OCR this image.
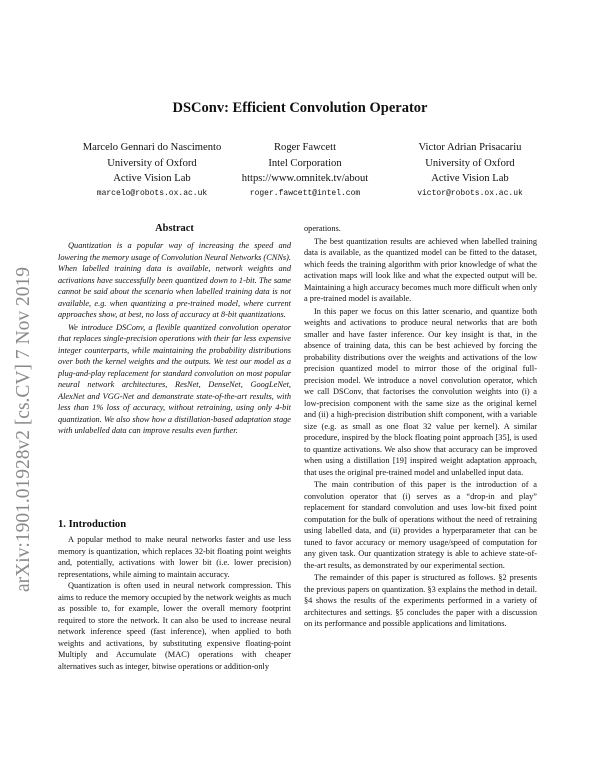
arXiv:1901.01928v2 [cs.CV] 7 Nov 2019
DSConv: Efficient Convolution Operator
Marcelo Gennari do Nascimento
University of Oxford
Active Vision Lab
marcelo@robots.ox.ac.uk
Roger Fawcett
Intel Corporation
https://www.omnitek.tv/about
roger.fawcett@intel.com
Victor Adrian Prisacariu
University of Oxford
Active Vision Lab
victor@robots.ox.ac.uk
Abstract

Quantization is a popular way of increasing the speed and lowering the memory usage of Convolution Neural Networks (CNNs). When labelled training data is available, network weights and activations have successfully been quantized down to 1-bit. The same cannot be said about the scenario when labelled training data is not available, e.g. when quantizing a pre-trained model, where current approaches show, at best, no loss of accuracy at 8-bit quantizations.

We introduce DSConv, a flexible quantized convolution operator that replaces single-precision operations with their far less expensive integer counterparts, while maintaining the probability distributions over both the kernel weights and the outputs. We test our model as a plug-and-play replacement for standard convolution on most popular neural network architectures, ResNet, DenseNet, GoogLeNet, AlexNet and VGG-Net and demonstrate state-of-the-art results, with less than 1% loss of accuracy, without retraining, using only 4-bit quantization. We also show how a distillation-based adaptation stage with unlabelled data can improve results even further.

1. Introduction

A popular method to make neural networks faster and use less memory is quantization, which replaces 32-bit floating point weights and, potentially, activations with lower bit (i.e. lower precision) representations, while aiming to maintain accuracy.

Quantization is often used in neural network compression. This aims to reduce the memory occupied by the network weights as much as possible to, for example, lower the overall memory footprint required to store the network. It can also be used to increase neural network inference speed (fast inference), when applied to both weights and activations, by substituting expensive floating-point Multiply and Accumulate (MAC) operations with cheaper alternatives such as integer, bitwise operations or addition-only

operations.

The best quantization results are achieved when labelled training data is available, as the quantized model can be fitted to the dataset, which feeds the training algorithm with prior knowledge of what the activation maps will look like and what the expected output will be. Maintaining a high accuracy becomes much more difficult when only a pre-trained model is available.

In this paper we focus on this latter scenario, and quantize both weights and activations to produce neural networks that are both smaller and have faster inference. Our key insight is that, in the absence of training data, this can be best achieved by forcing the probability distributions over the weights and activations of the low precision quantized model to mirror those of the original full-precision model. We introduce a novel convolution operator, which we call DSConv, that factorises the convolution weights into (i) a low-precision component with the same size as the original kernel and (ii) a high-precision distribution shift component, with a variable size (e.g. as small as one float 32 value per kernel). A similar procedure, inspired by the block floating point approach [35], is used to quantize activations. We also show that accuracy can be improved when using a distillation [19] inspired weight adaptation approach, that uses the original pre-trained model and unlabelled input data.

The main contribution of this paper is the introduction of a convolution operator that (i) serves as a “drop-in and play” replacement for standard convolution and uses low-bit fixed point computation for the bulk of operations without the need of retraining using labelled data, and (ii) provides a hyperparameter that can be tuned to favor accuracy or memory usage/speed of computation for any given task. Our quantization strategy is able to achieve state-of-the-art results, as demonstrated by our experimental section.

The remainder of this paper is structured as follows. §2 presents the previous papers on quantization. §3 explains the method in detail. §4 shows the results of the experiments performed in a variety of architectures and settings. §5 concludes the paper with a discussion on its performance and possible applications and limitations.
